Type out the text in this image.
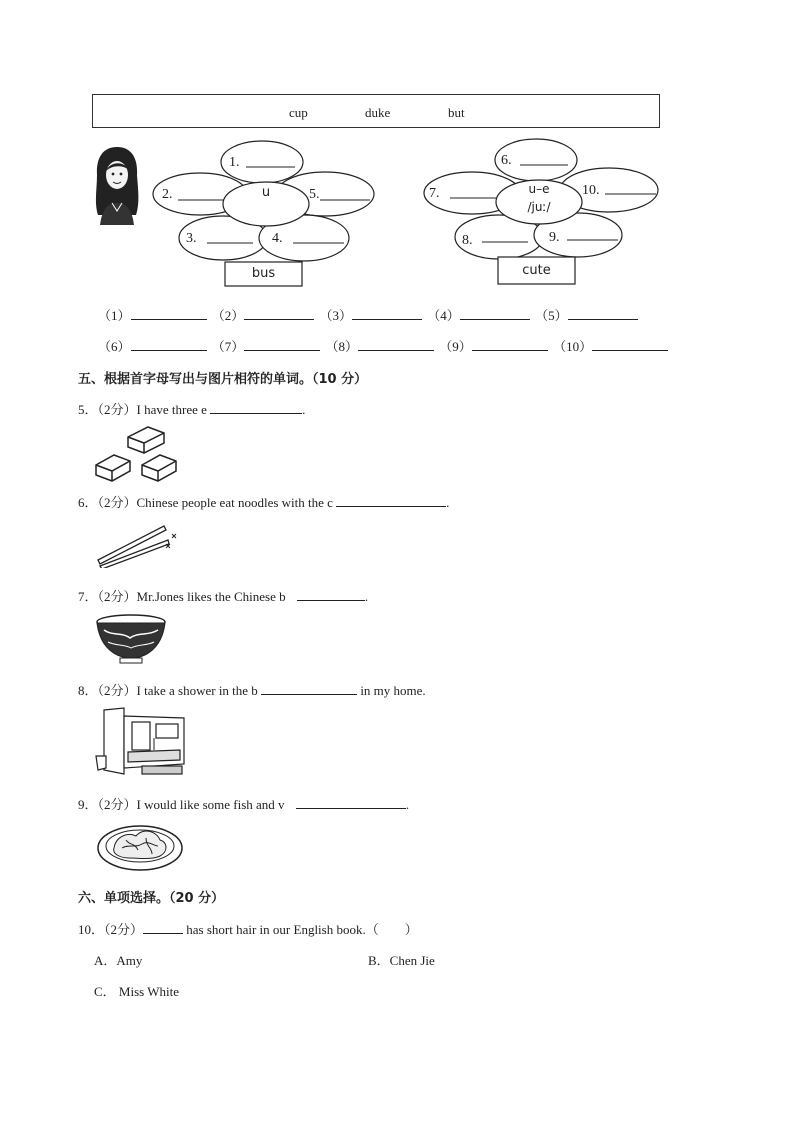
cup	duke	but
1.
2.
3.	4.
5.
u
bus
6.
7.
8.	9.
10.
u–e
/juː/
cute
（1）	（2）	（3）	（4）	（5）
（6）	（7）	（8）	（9）	（10）
五、根据首字母写出与图片相符的单词。（10 分）
5．（2分）I have three e	.
6．（2分）Chinese people eat noodles with the c	.
7．（2分）Mr.Jones likes the Chinese b	.
8．（2分）I take a shower in the b	in my home.
9．（2分）I would like some fish and v	.
六、单项选择。（20 分）
10．（2分）	has short hair in our English book.（　　）
A．Amy	B．Chen Jie
C． Miss White
